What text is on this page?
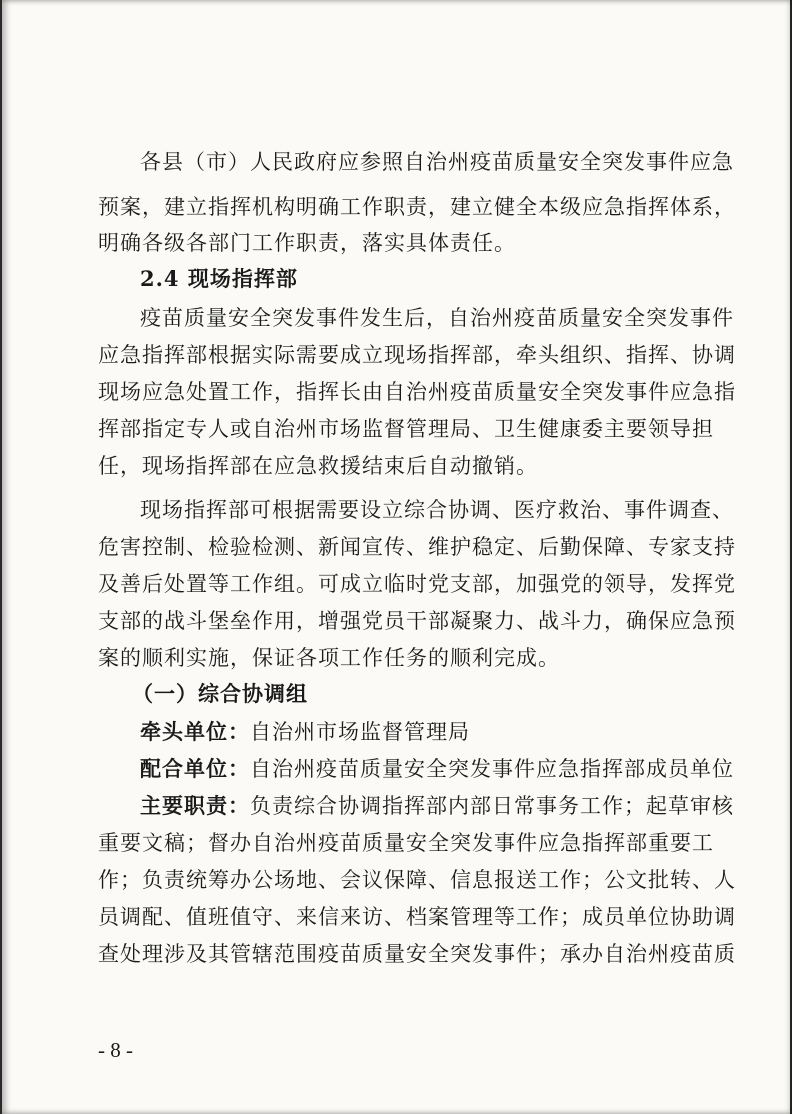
各县（市）人民政府应参照自治州疫苗质量安全突发事件应急
预案，建立指挥机构明确工作职责，建立健全本级应急指挥体系，
明确各级各部门工作职责，落实具体责任。
2.4 现场指挥部
疫苗质量安全突发事件发生后，自治州疫苗质量安全突发事件
应急指挥部根据实际需要成立现场指挥部，牵头组织、指挥、协调
现场应急处置工作，指挥长由自治州疫苗质量安全突发事件应急指
挥部指定专人或自治州市场监督管理局、卫生健康委主要领导担
任，现场指挥部在应急救援结束后自动撤销。
现场指挥部可根据需要设立综合协调、医疗救治、事件调查、
危害控制、检验检测、新闻宣传、维护稳定、后勤保障、专家支持
及善后处置等工作组。可成立临时党支部，加强党的领导，发挥党
支部的战斗堡垒作用，增强党员干部凝聚力、战斗力，确保应急预
案的顺利实施，保证各项工作任务的顺利完成。
（一）综合协调组
牵头单位：自治州市场监督管理局
配合单位：自治州疫苗质量安全突发事件应急指挥部成员单位
主要职责：负责综合协调指挥部内部日常事务工作；起草审核
重要文稿；督办自治州疫苗质量安全突发事件应急指挥部重要工
作；负责统筹办公场地、会议保障、信息报送工作；公文批转、人
员调配、值班值守、来信来访、档案管理等工作；成员单位协助调
查处理涉及其管辖范围疫苗质量安全突发事件；承办自治州疫苗质
- 8 -
